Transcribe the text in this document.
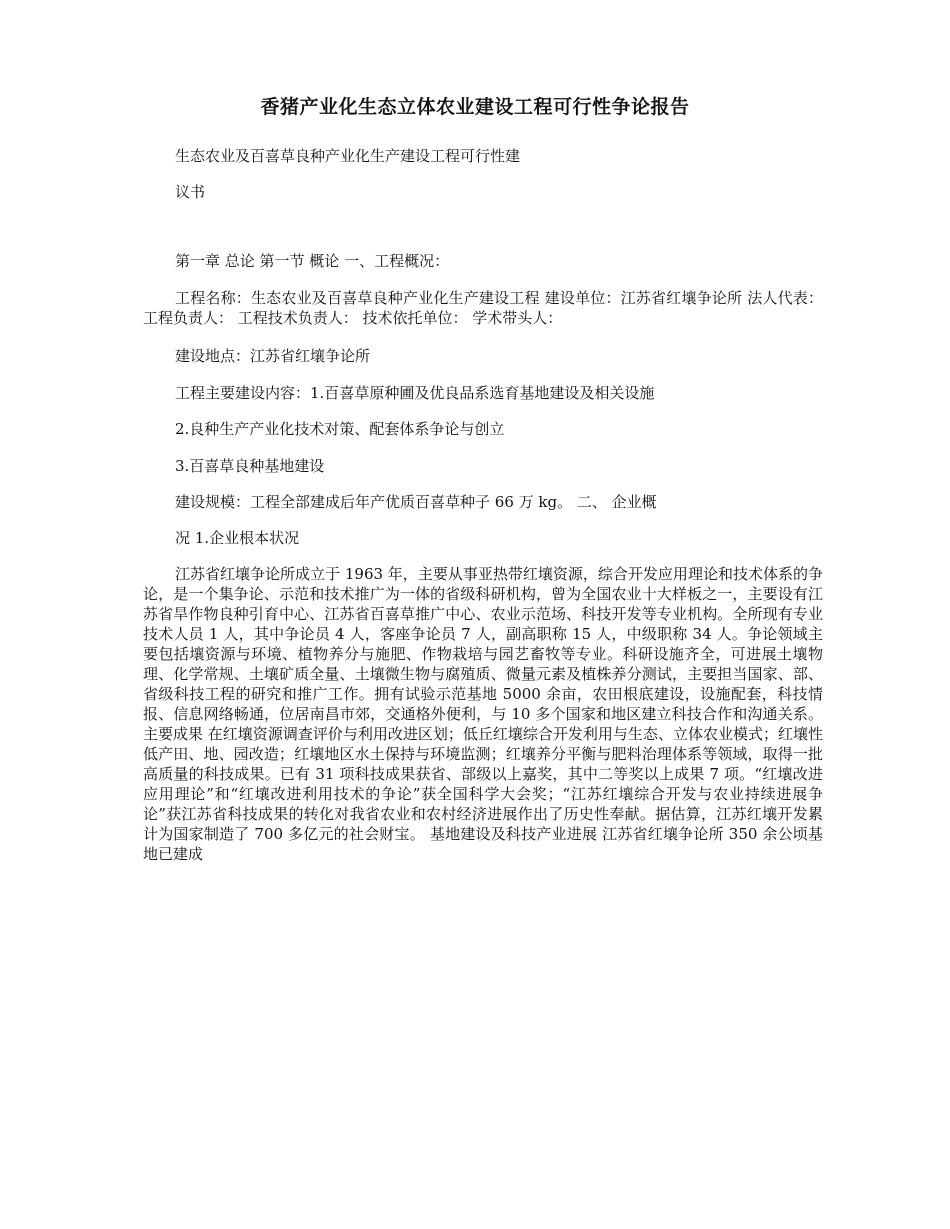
香猪产业化生态立体农业建设工程可行性争论报告
生态农业及百喜草良种产业化生产建设工程可行性建
议书
第一章 总论 第一节 概论 一、工程概况：
工程名称：生态农业及百喜草良种产业化生产建设工程 建设单位：江苏省红壤争论所 法人代表： 工程负责人： 工程技术负责人： 技术依托单位： 学术带头人：
建设地点：江苏省红壤争论所
工程主要建设内容：1.百喜草原种圃及优良品系选育基地建设及相关设施
2.良种生产产业化技术对策、配套体系争论与创立
3.百喜草良种基地建设
建设规模：工程全部建成后年产优质百喜草种子 66 万 kg。 二、 企业概
况 1.企业根本状况
江苏省红壤争论所成立于 1963 年，主要从事亚热带红壤资源，综合开发应用理论和技术体系的争论，是一个集争论、示范和技术推广为一体的省级科研机构，曾为全国农业十大样板之一，主要设有江苏省旱作物良种引育中心、江苏省百喜草推广中心、农业示范场、科技开发等专业机构。全所现有专业技术人员 1 人，其中争论员 4 人，客座争论员 7 人，副高职称 15 人，中级职称 34 人。争论领域主要包括壤资源与环境、植物养分与施肥、作物栽培与园艺畜牧等专业。科研设施齐全，可进展土壤物理、化学常规、土壤矿质全量、土壤微生物与腐殖质、微量元素及植株养分测试，主要担当国家、部、省级科技工程的研究和推广工作。拥有试验示范基地 5000 余亩，农田根底建设，设施配套，科技情报、信息网络畅通，位居南昌市郊，交通格外便利，与 10 多个国家和地区建立科技合作和沟通关系。 主要成果 在红壤资源调查评价与利用改进区划；低丘红壤综合开发利用与生态、立体农业模式；红壤性低产田、地、园改造；红壤地区水土保持与环境监测；红壤养分平衡与肥料治理体系等领域，取得一批高质量的科技成果。已有 31 项科技成果获省、部级以上嘉奖，其中二等奖以上成果 7 项。“红壤改进应用理论”和“红壤改进利用技术的争论”获全国科学大会奖；“江苏红壤综合开发与农业持续进展争论”获江苏省科技成果的转化对我省农业和农村经济进展作出了历史性奉献。据估算，江苏红壤开发累计为国家制造了 700 多亿元的社会财宝。 基地建设及科技产业进展 江苏省红壤争论所 350 余公顷基地已建成
